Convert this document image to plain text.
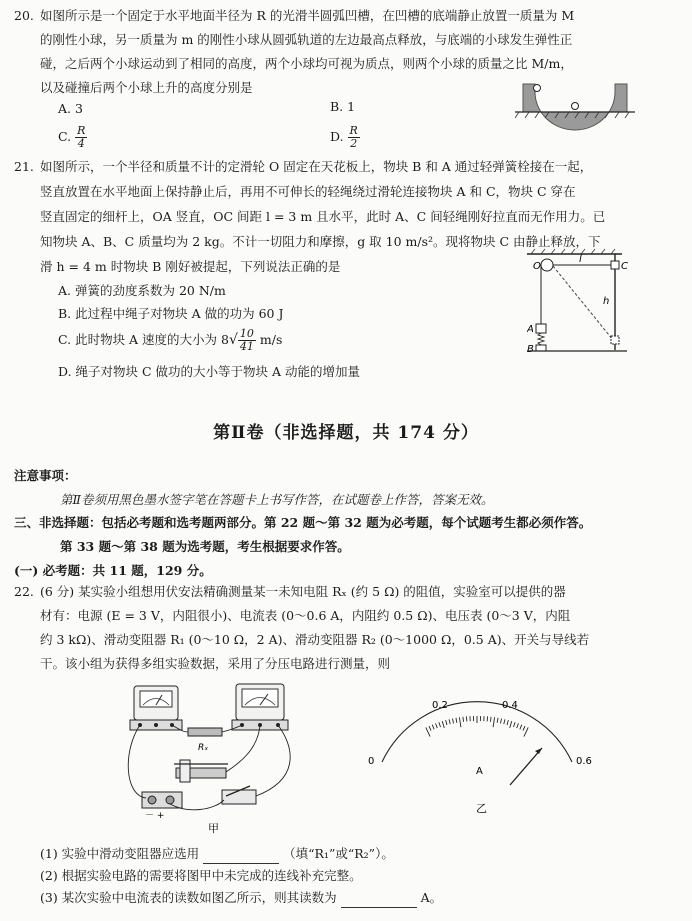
20. 如图所示是一个固定于水平地面半径为 R 的光滑半圆弧凹槽，在凹槽的底端静止放置一质量为 M
的刚性小球，另一质量为 m 的刚性小球从圆弧轨道的左边最高点释放，与底端的小球发生弹性正
碰，之后两个小球运动到了相同的高度，两个小球均可视为质点，则两个小球的质量之比 M/m，
以及碰撞后两个小球上升的高度分别是
A. 3	B. 1
C. $\frac{R}{4}$	D. $\frac{R}{2}$
21. 如图所示，一个半径和质量不计的定滑轮 O 固定在天花板上，物块 B 和 A 通过轻弹簧栓接在一起，
竖直放置在水平地面上保持静止后，再用不可伸长的轻绳绕过滑轮连接物块 A 和 C，物块 C 穿在
竖直固定的细杆上，OA 竖直，OC 间距 l = 3 m 且水平，此时 A、C 间轻绳刚好拉直而无作用力。已
知物块 A、B、C 质量均为 2 kg。不计一切阻力和摩擦，g 取 10 m/s²。现将物块 C 由静止释放，下
滑 h = 4 m 时物块 B 刚好被提起，下列说法正确的是
A. 弹簧的劲度系数为 20 N/m
B. 此过程中绳子对物块 A 做的功为 60 J
C. 此时物块 A 速度的大小为 $8√ \frac{10}{41} m/s$
D. 绳子对物块 C 做功的大小等于物块 A 动能的增加量
O
l
C
h
A
B
第Ⅱ卷（非选择题，共 174 分）
注意事项：
第Ⅱ卷须用黑色墨水签字笔在答题卡上书写作答，在试题卷上作答，答案无效。
三、非选择题：包括必考题和选考题两部分。第 22 题～第 32 题为必考题，每个试题考生都必须作答。
第 33 题～第 38 题为选考题，考生根据要求作答。
(一) 必考题：共 11 题，129 分。
22. (6 分) 某实验小组想用伏安法精确测量某一未知电阻 Rₓ (约 5 Ω) 的阻值，实验室可以提供的器
材有：电源 (E = 3 V，内阻很小)、电流表 (0～0.6 A，内阻约 0.5 Ω)、电压表 (0～3 V，内阻
约 3 kΩ)、滑动变阻器 R₁ (0～10 Ω，2 A)、滑动变阻器 R₂ (0～1000 Ω，0.5 A)、开关与导线若
干。该小组为获得多组实验数据，采用了分压电路进行测量，则
Rₓ
－ +
甲
0
0.2	0.4
0.6
A
乙
(1) 实验中滑动变阻器应选用	（填“R₁”或“R₂”）。
(2) 根据实验电路的需要将图甲中未完成的连线补充完整。
(3) 某次实验中电流表的读数如图乙所示，则其读数为	A。
